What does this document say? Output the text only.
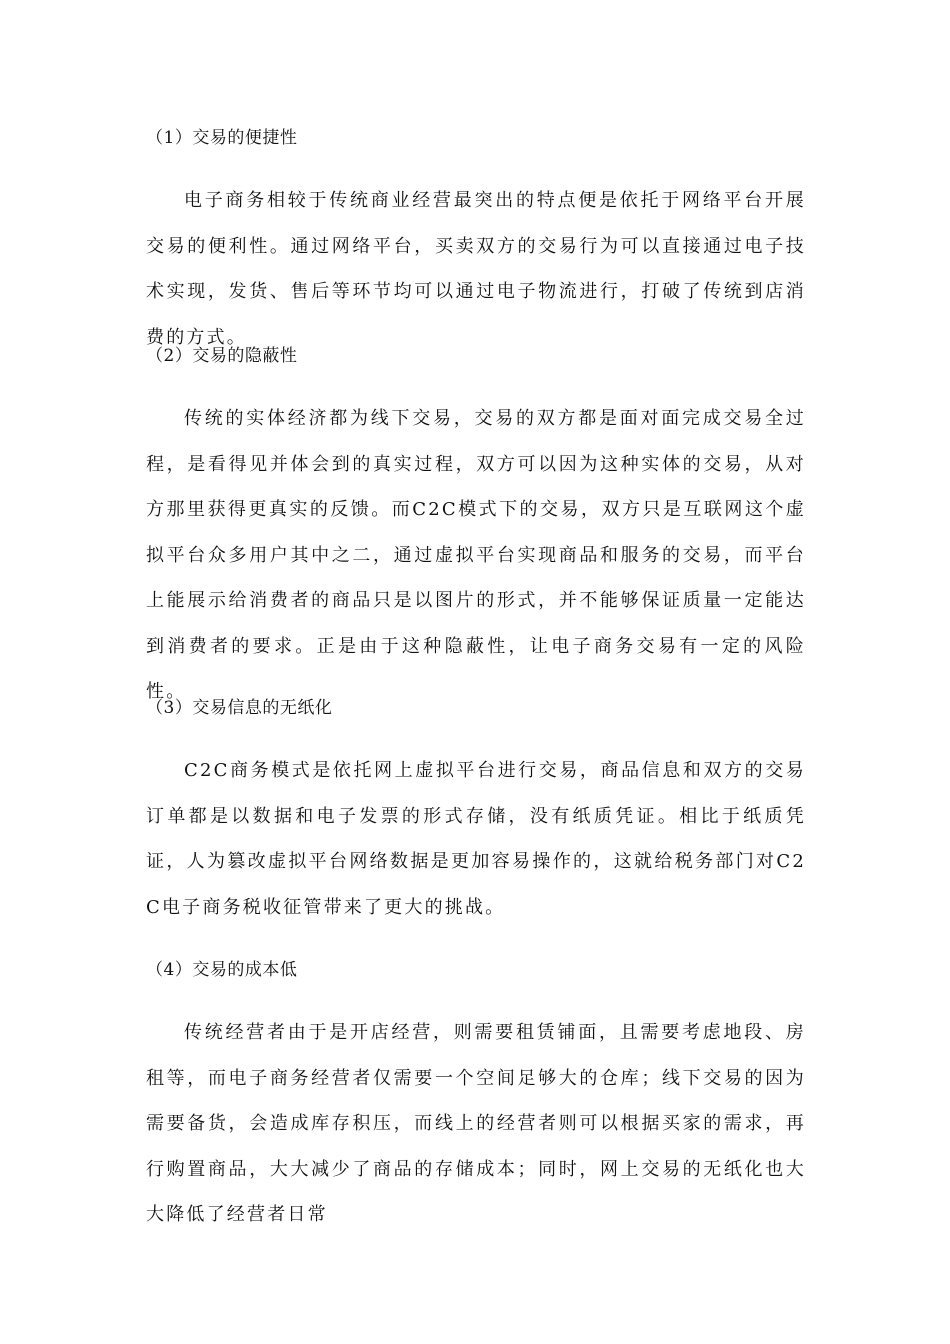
（1）交易的便捷性

电子商务相较于传统商业经营最突出的特点便是依托于网络平台开展交易的便利性。通过网络平台，买卖双方的交易行为可以直接通过电子技术实现，发货、售后等环节均可以通过电子物流进行，打破了传统到店消费的方式。

（2）交易的隐蔽性

传统的实体经济都为线下交易，交易的双方都是面对面完成交易全过程，是看得见并体会到的真实过程，双方可以因为这种实体的交易，从对方那里获得更真实的反馈。而C2C模式下的交易，双方只是互联网这个虚拟平台众多用户其中之二，通过虚拟平台实现商品和服务的交易，而平台上能展示给消费者的商品只是以图片的形式，并不能够保证质量一定能达到消费者的要求。正是由于这种隐蔽性，让电子商务交易有一定的风险性。

（3）交易信息的无纸化

C2C商务模式是依托网上虚拟平台进行交易，商品信息和双方的交易订单都是以数据和电子发票的形式存储，没有纸质凭证。相比于纸质凭证，人为篡改虚拟平台网络数据是更加容易操作的，这就给税务部门对C2C电子商务税收征管带来了更大的挑战。

（4）交易的成本低

传统经营者由于是开店经营，则需要租赁铺面，且需要考虑地段、房租等，而电子商务经营者仅需要一个空间足够大的仓库；线下交易的因为需要备货，会造成库存积压，而线上的经营者则可以根据买家的需求，再行购置商品，大大减少了商品的存储成本；同时，网上交易的无纸化也大大降低了经营者日常
